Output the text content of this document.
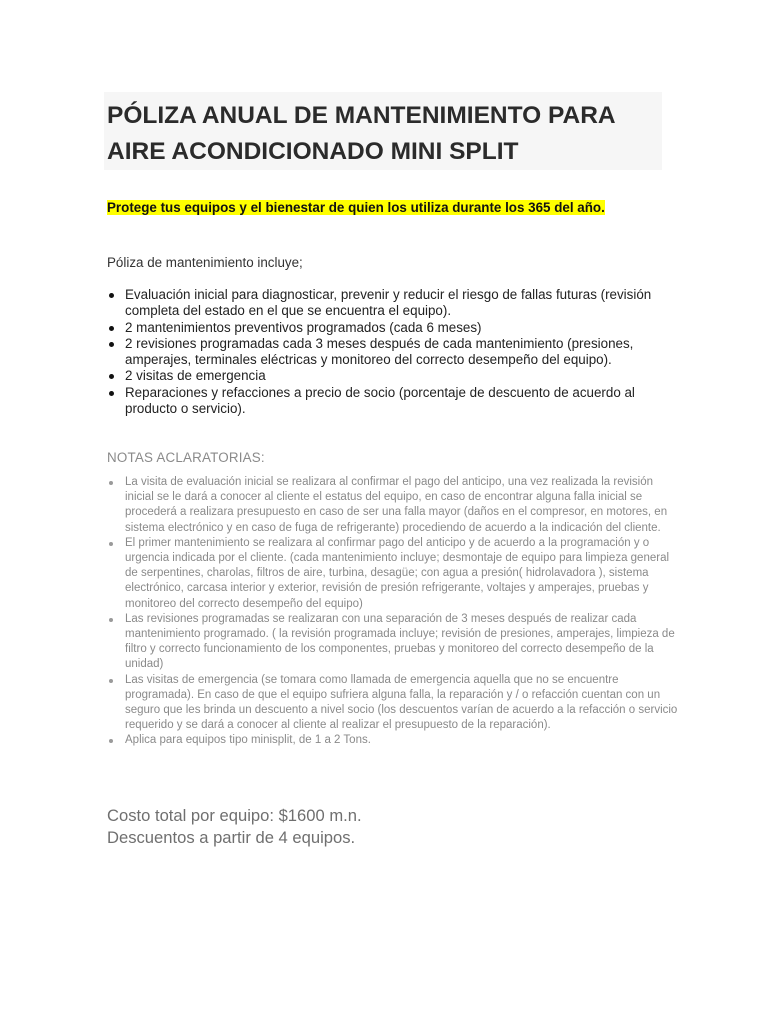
PÓLIZA ANUAL DE MANTENIMIENTO PARA AIRE ACONDICIONADO MINI SPLIT

Protege tus equipos y el bienestar de quien los utiliza durante los 365 del año.

Póliza de mantenimiento incluye;

Evaluación inicial para diagnosticar, prevenir y reducir el riesgo de fallas futuras (revisión completa del estado en el que se encuentra el equipo).
2 mantenimientos preventivos programados (cada 6 meses)
2 revisiones programadas cada 3 meses después de cada mantenimiento (presiones, amperajes, terminales eléctricas y monitoreo del correcto desempeño del equipo).
2 visitas de emergencia
Reparaciones y refacciones a precio de socio (porcentaje de descuento de acuerdo al producto o servicio).

NOTAS ACLARATORIAS:

La visita de evaluación inicial se realizara al confirmar el pago del anticipo, una vez realizada la revisión inicial se le dará a conocer al cliente el estatus del equipo, en caso de encontrar alguna falla inicial se procederá a realizara presupuesto en caso de ser una falla mayor (daños en el compresor, en motores, en sistema electrónico y en caso de fuga de refrigerante) procediendo de acuerdo a la indicación del cliente.
El primer mantenimiento se realizara al confirmar pago del anticipo y de acuerdo a la programación y o urgencia indicada por el cliente. (cada mantenimiento incluye; desmontaje de equipo para limpieza general de serpentines, charolas, filtros de aire, turbina, desagüe; con agua a presión( hidrolavadora ), sistema electrónico, carcasa interior y exterior, revisión de presión refrigerante, voltajes y amperajes, pruebas y monitoreo del correcto desempeño del equipo)
Las revisiones programadas se realizaran con una separación de 3 meses después de realizar cada mantenimiento programado. ( la revisión programada incluye; revisión de presiones, amperajes, limpieza de filtro y correcto funcionamiento de los componentes, pruebas y monitoreo del correcto desempeño de la unidad)
Las visitas de emergencia (se tomara como llamada de emergencia aquella que no se encuentre programada). En caso de que el equipo sufriera alguna falla, la reparación y / o refacción cuentan con un seguro que les brinda un descuento a nivel socio (los descuentos varían de acuerdo a la refacción o servicio requerido y se dará a conocer al cliente al realizar el presupuesto de la reparación).
Aplica para equipos tipo minisplit, de 1 a 2 Tons.
Costo total por equipo: $1600 m.n.
Descuentos a partir de 4 equipos.
